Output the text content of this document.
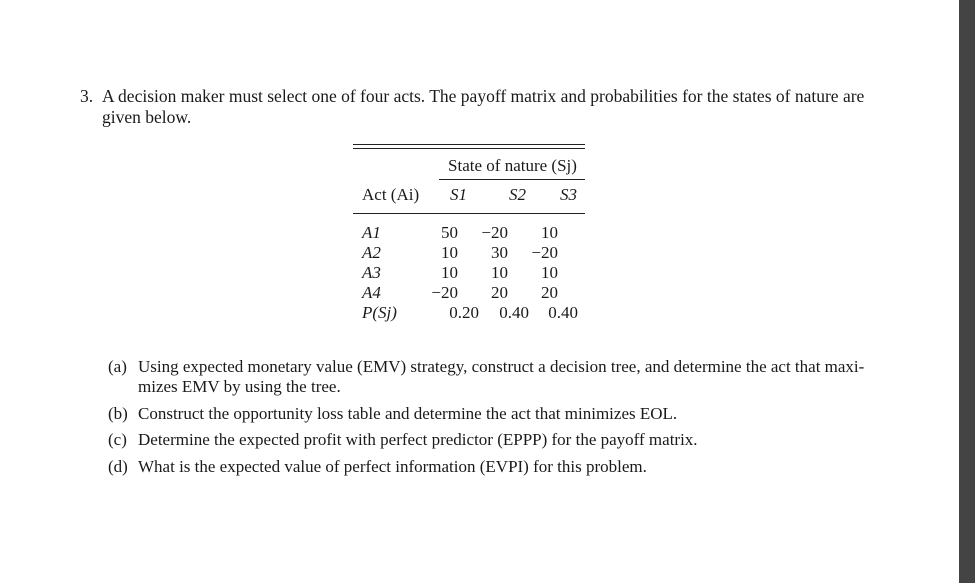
3. A decision maker must select one of four acts. The payoff matrix and probabilities for the states of nature are given below.
State of nature (Sj)
Act (Ai)	S1	S2	S3
A1	50	−20	10
A2	10	30	−20
A3	10	10	10
A4	−20	20	20
P(Sj)	0.20	0.40	0.40
(a) Using expected monetary value (EMV) strategy, construct a decision tree, and determine the act that maxi- mizes EMV by using the tree.
(b) Construct the opportunity loss table and determine the act that minimizes EOL.
(c) Determine the expected profit with perfect predictor (EPPP) for the payoff matrix.
(d) What is the expected value of perfect information (EVPI) for this problem.
